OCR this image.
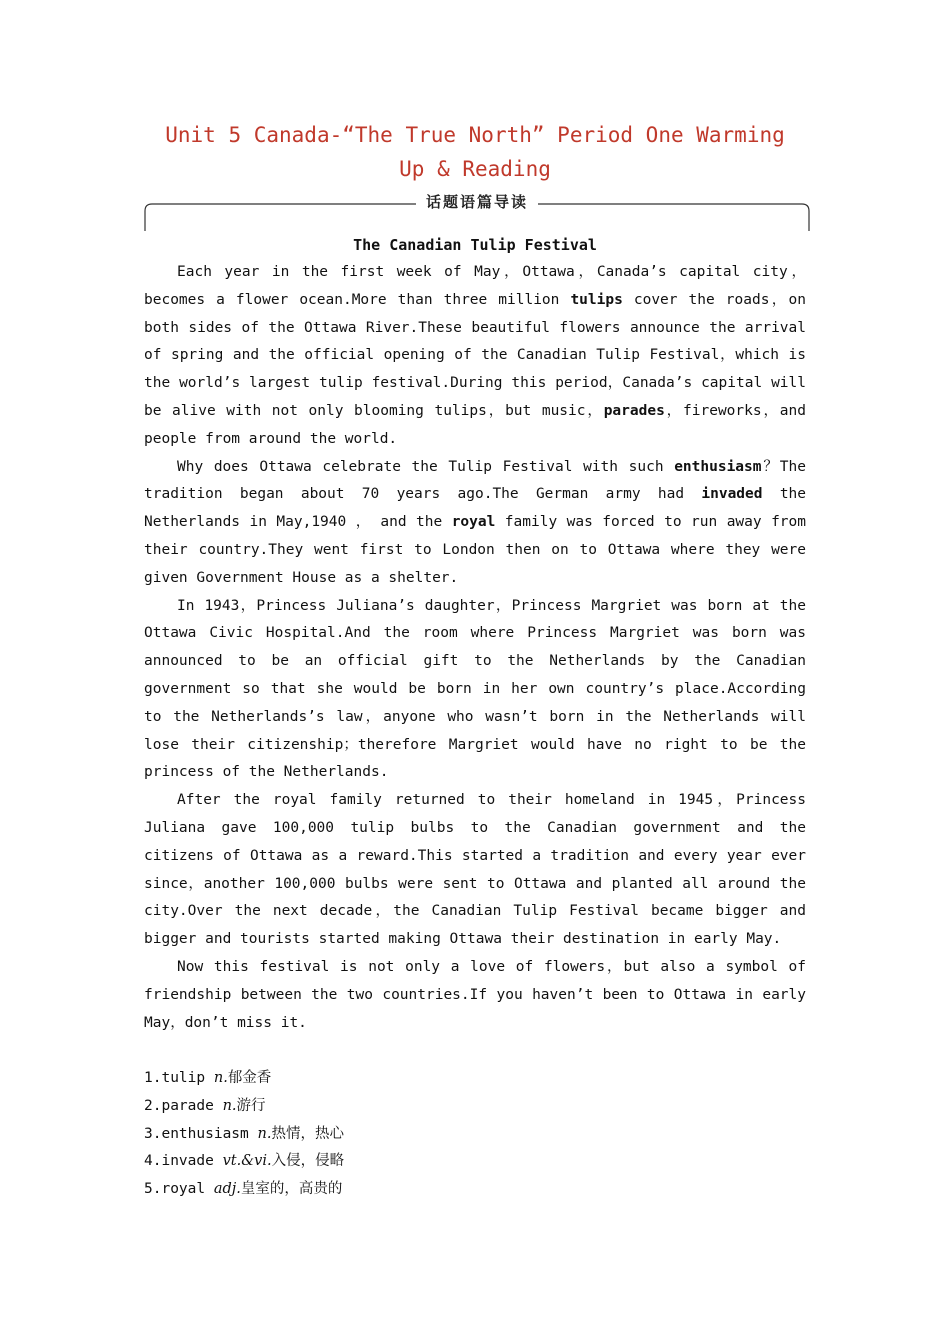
Unit 5 Canada-“The True North” Period One Warming Up & Reading
话题语篇导读
The Canadian Tulip Festival

Each year in the first week of May，Ottawa，Canada’s capital city，becomes a flower ocean.More than three million tulips cover the roads，on both sides of the Ottawa River.These beautiful flowers announce the arrival of spring and the official opening of the Canadian Tulip Festival，which is the world’s largest tulip festival.During this period，Canada’s capital will be alive with not only blooming tulips，but music，parades，fireworks，and people from around the world.

Why does Ottawa celebrate the Tulip Festival with such enthusiasm？The tradition began about 70 years ago.The German army had invaded the Netherlands in May,1940 ， and the royal family was forced to run away from their country.They went first to London then on to Ottawa where they were given Government House as a shelter.

In 1943，Princess Juliana’s daughter，Princess Margriet was born at the Ottawa Civic Hospital.And the room where Princess Margriet was born was announced to be an official gift to the Netherlands by the Canadian government so that she would be born in her own country’s place.According to the Netherlands’s law，anyone who wasn’t born in the Netherlands will lose their citizenship；therefore Margriet would have no right to be the princess of the Netherlands.

After the royal family returned to their homeland in 1945，Princess Juliana gave 100,000 tulip bulbs to the Canadian government and the citizens of Ottawa as a reward.This started a tradition and every year ever since，another 100,000 bulbs were sent to Ottawa and planted all around the city.Over the next decade，the Canadian Tulip Festival became bigger and bigger and tourists started making Ottawa their destination in early May.

Now this festival is not only a love of flowers，but also a symbol of friendship between the two countries.If you haven’t been to Ottawa in early May，don’t miss it.

1.tulip n.郁金香
2.parade n.游行
3.enthusiasm n.热情，热心
4.invade vt.&vi.入侵，侵略
5.royal adj.皇室的，高贵的
